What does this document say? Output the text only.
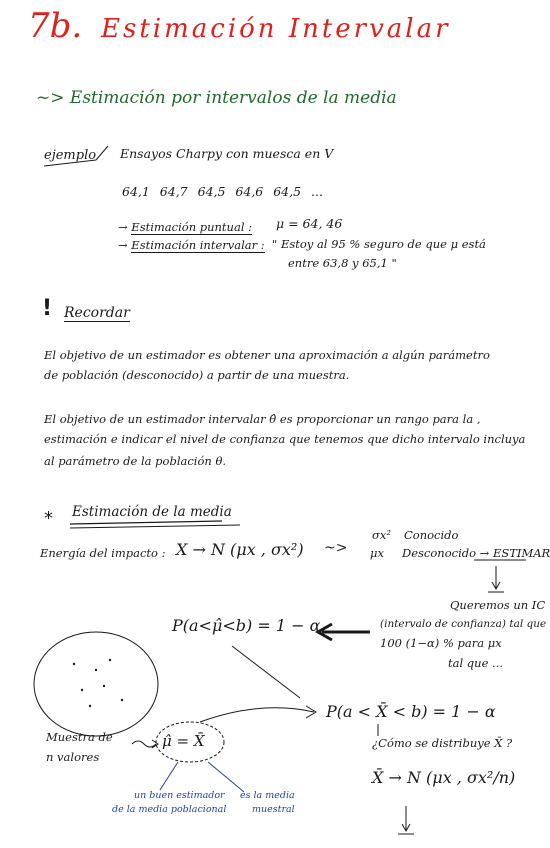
7b. Estimación Intervalar
~> Estimación por intervalos de la media
ejemplo Ensayos Charpy con muesca en V
64,1 64,7 64,5 64,6 64,5 ...
→ Estimación puntual : μ = 64, 46
→ Estimación intervalar : " Estoy al 95 % seguro de que μ está
entre 63,8 y 65,1 "
! Recordar
El objetivo de un estimador es obtener una aproximación a algún parámetro
de población (desconocido) a partir de una muestra.
El objetivo de un estimador intervalar θ̂ es proporcionar un rango para la ,
estimación e indicar el nivel de confianza que tenemos que dicho intervalo incluya
al parámetro de la población θ.
* Estimación de la media
Energía del impacto : X → N (μx , σx²) ~>
σx² Conocido
μx Desconocido → ESTIMAR
P(a<μ̂<b) = 1 − α
Queremos un IC
(intervalo de confianza) tal que
100 (1−α) % para μx
tal que ...
P(a < X̄ < b) = 1 − α
¿Cómo se distribuye X̄ ?
X̄ → N (μx , σx²/n)
Muestra de
n valores
μ̂ = X̄
un buen estimador
de la media poblacional
es la media
muestral
